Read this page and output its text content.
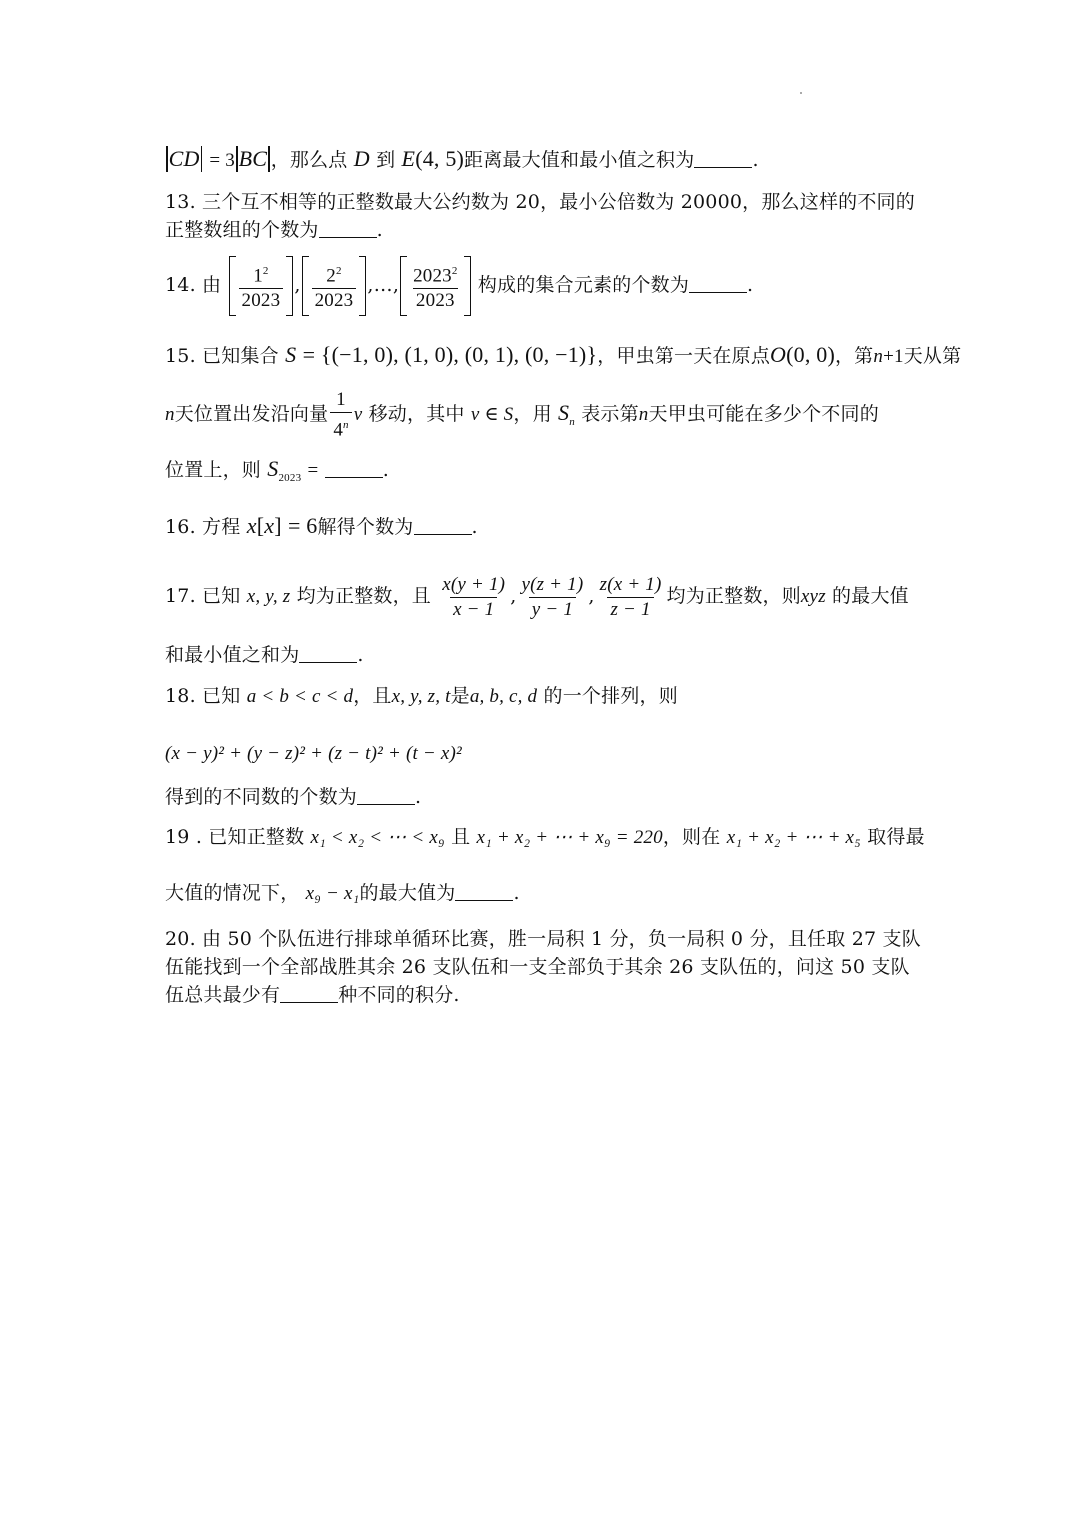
CD = 3 BC ，那么点 D 到 E(4, 5)距离最大值和最小值之积为	.
13. 三个互不相等的正整数最大公约数为 20，最小公倍数为 20000，那么这样的不同的
正整数组的个数为	.
14. 由 $\frac{1^2}{2023}$ , $\frac{2^2}{2023}$ ,…, $\frac{2023^2}{2023}$ 构成的集合元素的个数为	.
15. 已知集合 S = {(−1, 0), (1, 0), (0, 1), (0, −1)}，甲虫第一天在原点O(0, 0)，第n+1天从第
n天位置出发沿向量 $\frac{1}{4^n}$ v 移动，其中 v ∈ S，用 $S_n$ 表示第n天甲虫可能在多少个不同的
位置上，则 $S_{2023}$ =	.
16. 方程 x[x] = 6解得个数为	.
17. 已知 x, y, z 均为正整数，且 $\frac{x(y + 1)}{x - 1}$ , $\frac{y(z + 1)}{y - 1}$ , $\frac{z(x + 1)}{z - 1}$ 均为正整数，则xyz 的最大值
和最小值之和为	.
18. 已知 a < b < c < d，且x, y, z, t是a, b, c, d 的一个排列，则
(x − y)² + (y − z)² + (z − t)² + (t − x)²
得到的不同数的个数为	.
19 . 已知正整数 x₁ < x₂ < ⋯ < x₉ 且 x₁ + x₂ + ⋯ + x₉ = 220，则在 x₁ + x₂ + ⋯ + x₅ 取得最
大值的情况下， x₉ − x₁的最大值为	.
20. 由 50 个队伍进行排球单循环比赛，胜一局积 1 分，负一局积 0 分，且任取 27 支队
伍能找到一个全部战胜其余 26 支队伍和一支全部负于其余 26 支队伍的，问这 50 支队
伍总共最少有	种不同的积分.
